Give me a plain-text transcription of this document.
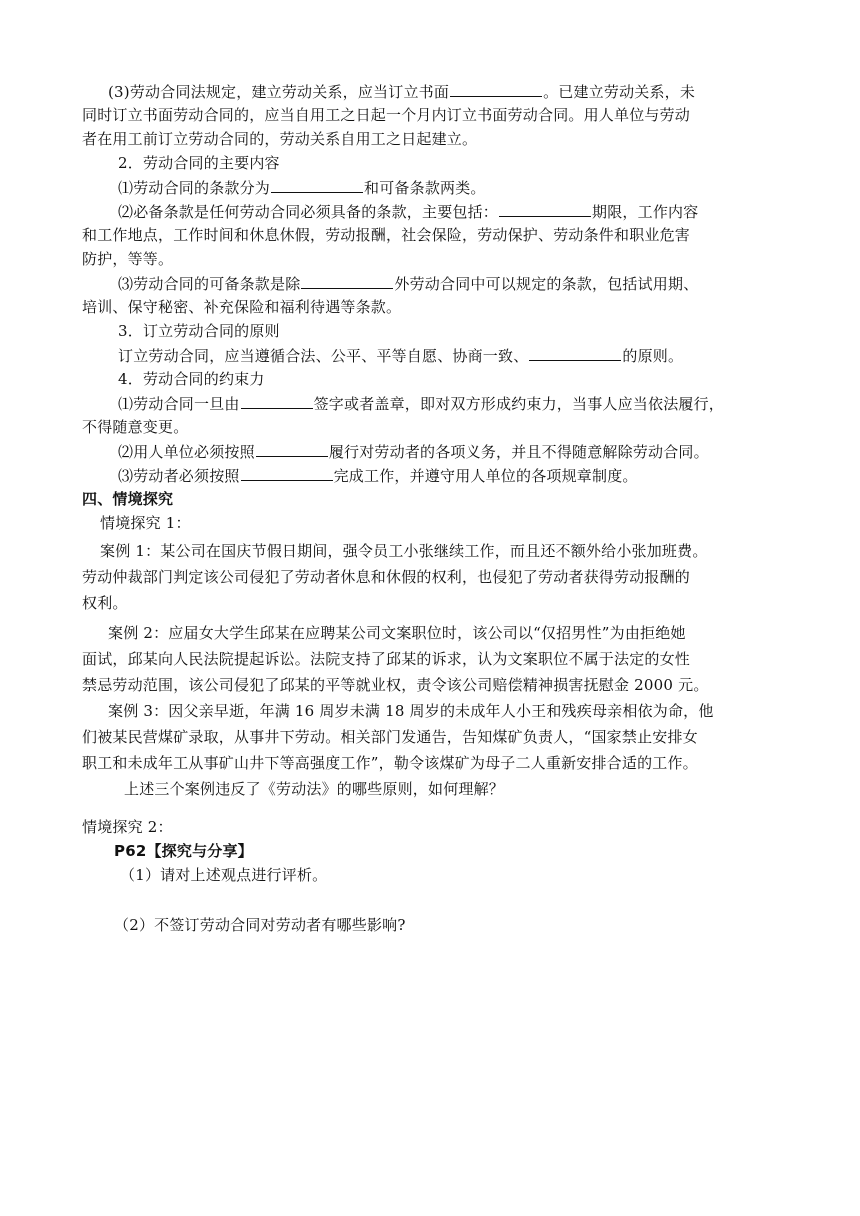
(3)劳动合同法规定，建立劳动关系，应当订立书面	。已建立劳动关系，未
同时订立书面劳动合同的，应当自用工之日起一个月内订立书面劳动合同。用人单位与劳动
者在用工前订立劳动合同的，劳动关系自用工之日起建立。
2．劳动合同的主要内容
⑴劳动合同的条款分为	和可备条款两类。
⑵必备条款是任何劳动合同必须具备的条款，主要包括：	期限，工作内容
和工作地点，工作时间和休息休假，劳动报酬，社会保险，劳动保护、劳动条件和职业危害
防护，等等。
⑶劳动合同的可备条款是除	外劳动合同中可以规定的条款，包括试用期、
培训、保守秘密、补充保险和福利待遇等条款。
3．订立劳动合同的原则
订立劳动合同，应当遵循合法、公平、平等自愿、协商一致、	的原则。
4．劳动合同的约束力
⑴劳动合同一旦由	签字或者盖章，即对双方形成约束力，当事人应当依法履行，
不得随意变更。
⑵用人单位必须按照	履行对劳动者的各项义务，并且不得随意解除劳动合同。
⑶劳动者必须按照	完成工作，并遵守用人单位的各项规章制度。
四、情境探究
情境探究 1：
案例 1：某公司在国庆节假日期间，强令员工小张继续工作，而且还不额外给小张加班费。
劳动仲裁部门判定该公司侵犯了劳动者休息和休假的权利，也侵犯了劳动者获得劳动报酬的
权利。
案例 2：应届女大学生邱某在应聘某公司文案职位时，该公司以“仅招男性”为由拒绝她
面试，邱某向人民法院提起诉讼。法院支持了邱某的诉求，认为文案职位不属于法定的女性
禁忌劳动范围，该公司侵犯了邱某的平等就业权，责令该公司赔偿精神损害抚慰金 2000 元。
案例 3：因父亲早逝，年满 16 周岁未满 18 周岁的未成年人小王和残疾母亲相依为命，他
们被某民营煤矿录取，从事井下劳动。相关部门发通告，告知煤矿负责人，“国家禁止安排女
职工和未成年工从事矿山井下等高强度工作”，勒令该煤矿为母子二人重新安排合适的工作。
上述三个案例违反了《劳动法》的哪些原则，如何理解？
情境探究 2：
P62【探究与分享】
（1）请对上述观点进行评析。
（2）不签订劳动合同对劳动者有哪些影响?
